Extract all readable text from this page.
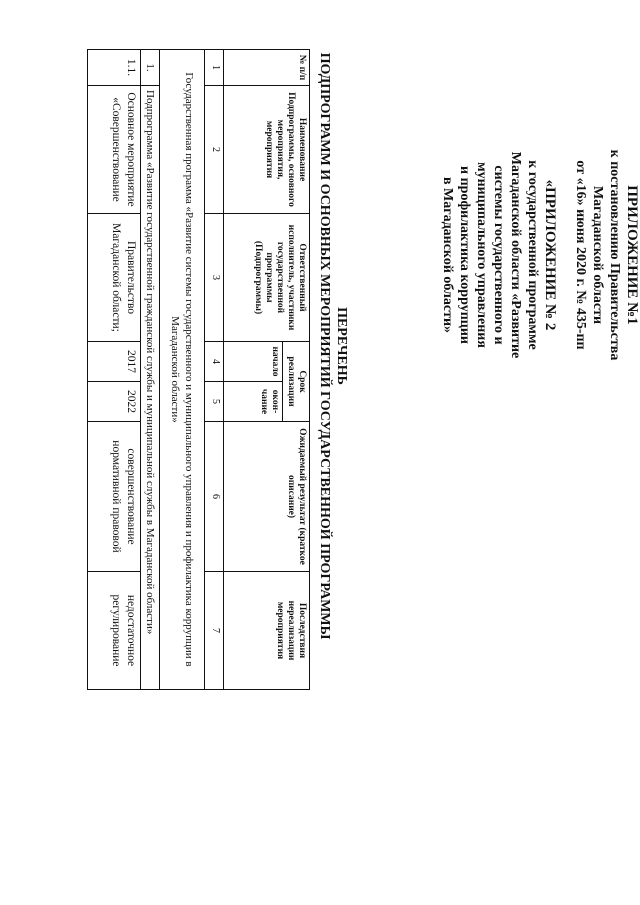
ПРИЛОЖЕНИЕ №1
к постановлению Правительства
Магаданской области
от «16» июня 2020 г. № 435-пп
«ПРИЛОЖЕНИЕ № 2
к государственной программе
Магаданской области «Развитие
системы государственного и
муниципального управления
и профилактика коррупции
в Магаданской области»
ПЕРЕЧЕНЬ
ПОДПРОГРАММ И ОСНОВНЫХ МЕРОПРИЯТИЙ ГОСУДАРСТВЕННОЙ ПРОГРАММЫ
№ п/п	Наименование Подпрограммы, основного мероприятия, мероприятия	Ответственный исполнитель, участники государственной программы (Подпрограммы)	Срок реализации		Ожидаемый результат (краткое описание)	Последствия нереализации мероприятия
			начало	окон- чание		
1	2	3	4	5	6	7
Государственная программа «Развитие системы государственного и муниципального управления и профилактика коррупции в Магаданской области»						
1.	Подпрограмма «Развитие государственной гражданской службы и муниципальной службы в Магаданской области»					
1.1.	Основное мероприятие «Совершенствование	Правительство Магаданской области;	2017	2022	совершенствование нормативной правовой	недостаточное регулирование
